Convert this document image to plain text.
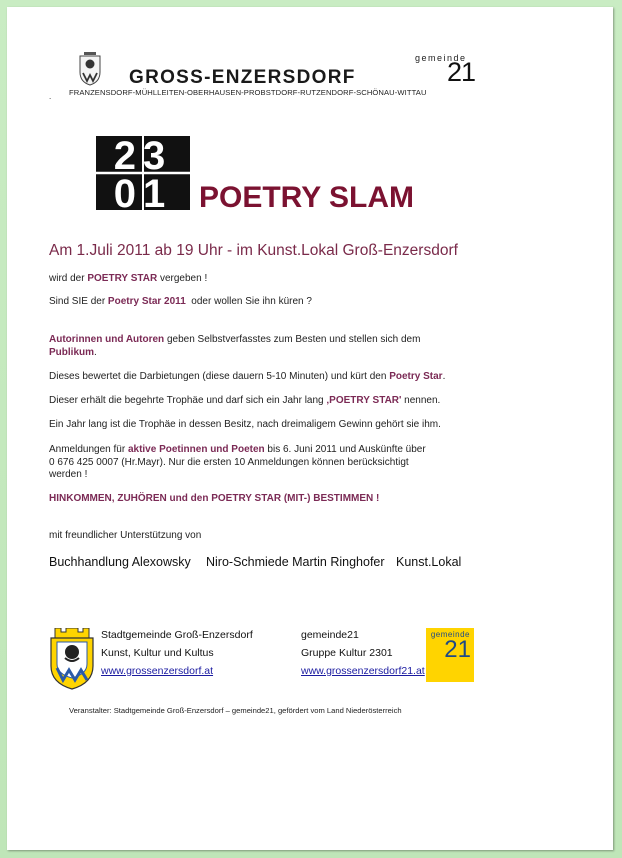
GROSS-ENZERSDORF
gemeinde
21
FRANZENSDORF-MÜHLLEITEN-OBERHAUSEN-PROBSTDORF-RUTZENDORF-SCHÖNAU-WITTAU
.
23
01 POETRY SLAM
Am 1.Juli 2011 ab 19 Uhr - im Kunst.Lokal Groß-Enzersdorf
wird der POETRY STAR vergeben !
Sind SIE der Poetry Star 2011  oder wollen Sie ihn küren ?
Autorinnen und Autoren geben Selbstverfasstes zum Besten und stellen sich dem
Publikum.
Dieses bewertet die Darbietungen (diese dauern 5-10 Minuten) und kürt den Poetry Star.
Dieser erhält die begehrte Trophäe und darf sich ein Jahr lang ‚POETRY STAR' nennen.
Ein Jahr lang ist die Trophäe in dessen Besitz, nach dreimaligem Gewinn gehört sie ihm.
Anmeldungen für aktive Poetinnen und Poeten bis 6. Juni 2011 und Auskünfte über
0 676 425 0007 (Hr.Mayr). Nur die ersten 10 Anmeldungen können berücksichtigt
werden !
HINKOMMEN, ZUHÖREN und den POETRY STAR (MIT-) BESTIMMEN !
mit freundlicher Unterstützung von
Buchhandlung Alexowsky Niro-Schmiede Martin Ringhofer Kunst.Lokal
Stadtgemeinde Groß-Enzersdorf
Kunst, Kultur und Kultus
www.grossenzersdorf.at
gemeinde21
Gruppe Kultur 2301
www.grossenzersdorf21.at
gemeinde
21
Veranstalter: Stadtgemeinde Groß-Enzersdorf – gemeinde21, gefördert vom Land Niederösterreich
